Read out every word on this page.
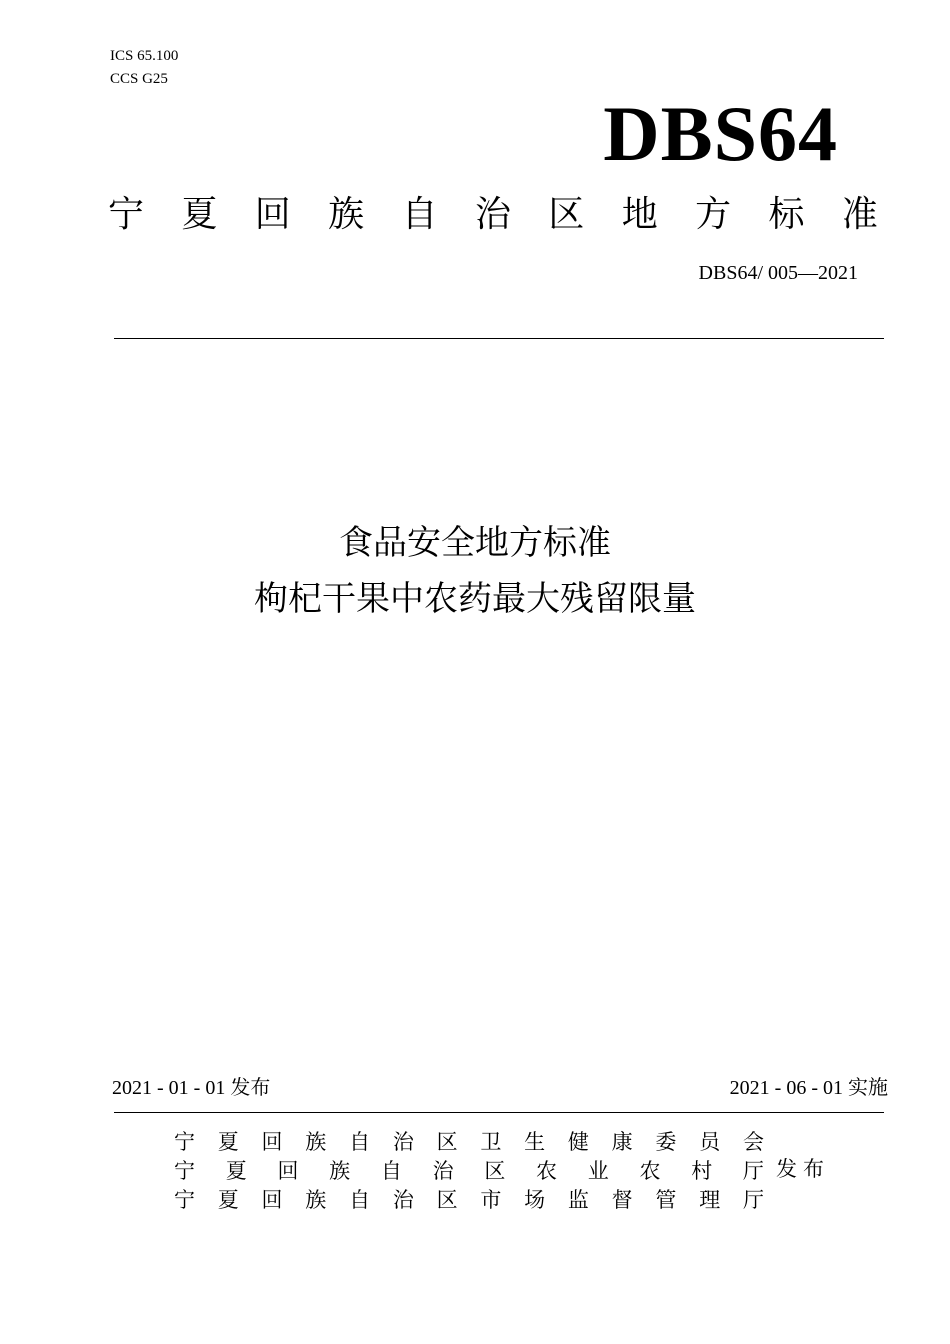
ICS 65.100
CCS G25
DBS64
宁 夏 回 族 自 治 区 地 方 标 准
DBS64/ 005—2021
食品安全地方标准
枸杞干果中农药最大残留限量
2021 - 01 - 01 发布	2021 - 06 - 01 实施
宁 夏 回 族 自 治 区 卫 生 健 康 委 员 会
宁 夏 回 族 自 治 区 农 业 农 村 厅
宁 夏 回 族 自 治 区 市 场 监 督 管 理 厅
发布
